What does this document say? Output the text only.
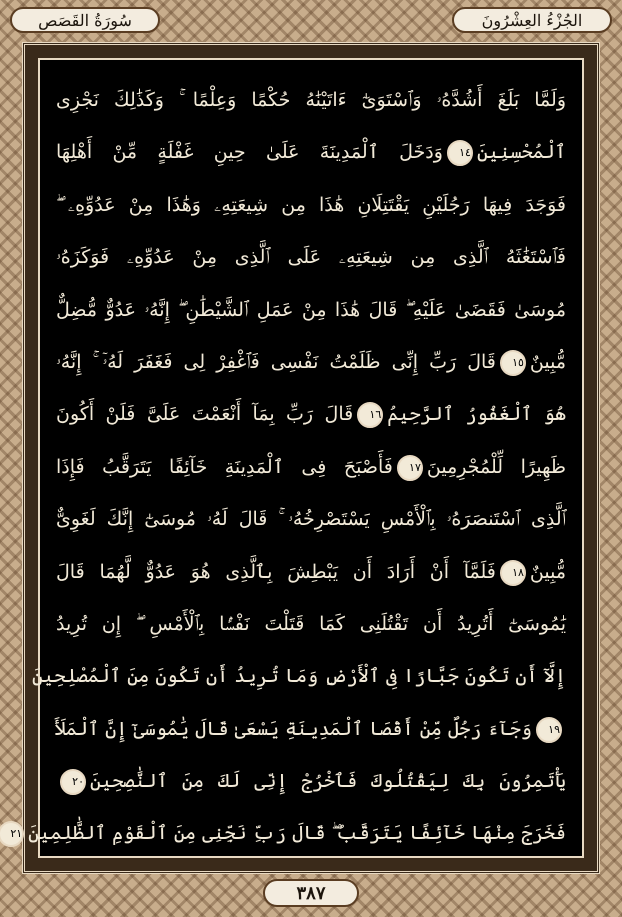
سُورَةُ القَصَص	الجُزْءُ العِشْرُونَ
وَلَمَّا بَلَغَ أَشُدَّهُۥ وَٱسْتَوَىٰٓ ءَاتَيْنَٰهُ حُكْمًا وَعِلْمًا ۚ وَكَذَٰلِكَ نَجْزِى
ٱلْمُحْسِنِينَ١٤وَدَخَلَ ٱلْمَدِينَةَ عَلَىٰ حِينِ غَفْلَةٍ مِّنْ أَهْلِهَا
فَوَجَدَ فِيهَا رَجُلَيْنِ يَقْتَتِلَانِ هَٰذَا مِن شِيعَتِهِۦ وَهَٰذَا مِنْ عَدُوِّهِۦ ۖ
فَٱسْتَغَٰثَهُ ٱلَّذِى مِن شِيعَتِهِۦ عَلَى ٱلَّذِى مِنْ عَدُوِّهِۦ فَوَكَزَهُۥ
مُوسَىٰ فَقَضَىٰ عَلَيْهِ ۖ قَالَ هَٰذَا مِنْ عَمَلِ ٱلشَّيْطَٰنِ ۖ إِنَّهُۥ عَدُوٌّ مُّضِلٌّ
مُّبِينٌ١٥قَالَ رَبِّ إِنِّى ظَلَمْتُ نَفْسِى فَٱغْفِرْ لِى فَغَفَرَ لَهُۥٓ ۚ إِنَّهُۥ
هُوَ ٱلْغَفُورُ ٱلرَّحِيمُ١٦قَالَ رَبِّ بِمَآ أَنْعَمْتَ عَلَىَّ فَلَنْ أَكُونَ
ظَهِيرًا لِّلْمُجْرِمِينَ١٧فَأَصْبَحَ فِى ٱلْمَدِينَةِ خَآئِفًا يَتَرَقَّبُ فَإِذَا
ٱلَّذِى ٱسْتَنصَرَهُۥ بِٱلْأَمْسِ يَسْتَصْرِخُهُۥ ۚ قَالَ لَهُۥ مُوسَىٰٓ إِنَّكَ لَغَوِىٌّ
مُّبِينٌ١٨فَلَمَّآ أَنْ أَرَادَ أَن يَبْطِشَ بِٱلَّذِى هُوَ عَدُوٌّ لَّهُمَا قَالَ
يَٰمُوسَىٰٓ أَتُرِيدُ أَن تَقْتُلَنِى كَمَا قَتَلْتَ نَفْسًۢا بِٱلْأَمْسِ ۖ إِن تُرِيدُ
إِلَّآ أَن تَكُونَ جَبَّارًا فِى ٱلْأَرْضِ وَمَا تُرِيدُ أَن تَكُونَ مِنَ ٱلْمُصْلِحِينَ
١٩وَجَآءَ رَجُلٌ مِّنْ أَقْصَا ٱلْمَدِينَةِ يَسْعَىٰ قَالَ يَٰمُوسَىٰٓ إِنَّ ٱلْمَلَأَ
يَأْتَمِرُونَ بِكَ لِيَقْتُلُوكَ فَٱخْرُجْ إِنِّى لَكَ مِنَ ٱلنَّٰصِحِينَ٢٠
فَخَرَجَ مِنْهَا خَآئِفًا يَتَرَقَّبُ ۖ قَالَ رَبِّ نَجِّنِى مِنَ ٱلْقَوْمِ ٱلظَّٰلِمِينَ٢١
٣٨٧
